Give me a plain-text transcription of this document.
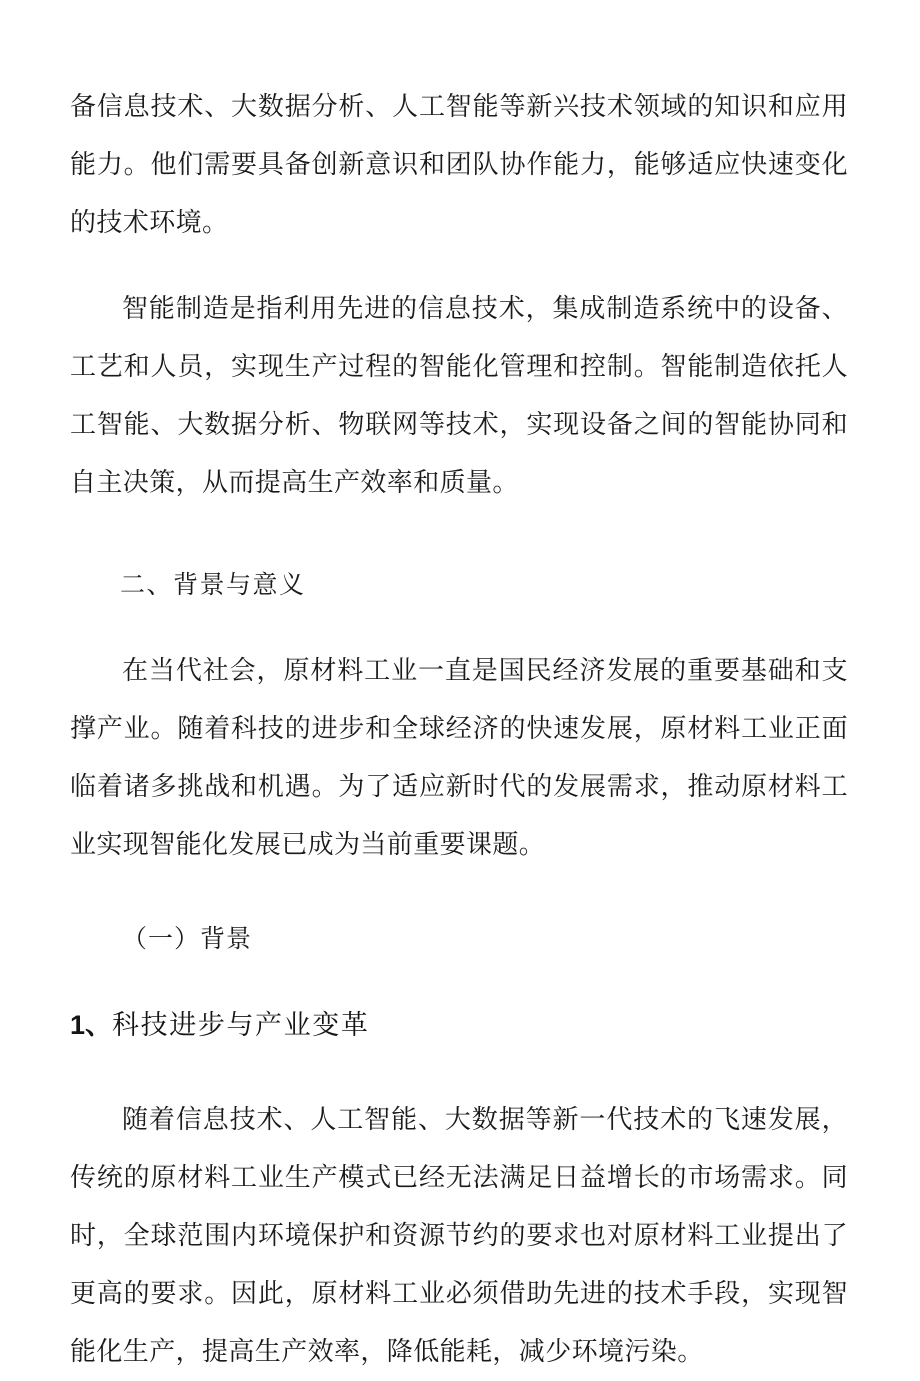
备信息技术、大数据分析、人工智能等新兴技术领域的知识和应用能力。他们需要具备创新意识和团队协作能力，能够适应快速变化的技术环境。

智能制造是指利用先进的信息技术，集成制造系统中的设备、工艺和人员，实现生产过程的智能化管理和控制。智能制造依托人工智能、大数据分析、物联网等技术，实现设备之间的智能协同和自主决策，从而提高生产效率和质量。

二、背景与意义

在当代社会，原材料工业一直是国民经济发展的重要基础和支撑产业。随着科技的进步和全球经济的快速发展，原材料工业正面临着诸多挑战和机遇。为了适应新时代的发展需求，推动原材料工业实现智能化发展已成为当前重要课题。

（一）背景
1、科技进步与产业变革

随着信息技术、人工智能、大数据等新一代技术的飞速发展，传统的原材料工业生产模式已经无法满足日益增长的市场需求。同时，全球范围内环境保护和资源节约的要求也对原材料工业提出了更高的要求。因此，原材料工业必须借助先进的技术手段，实现智能化生产，提高生产效率，降低能耗，减少环境污染。
